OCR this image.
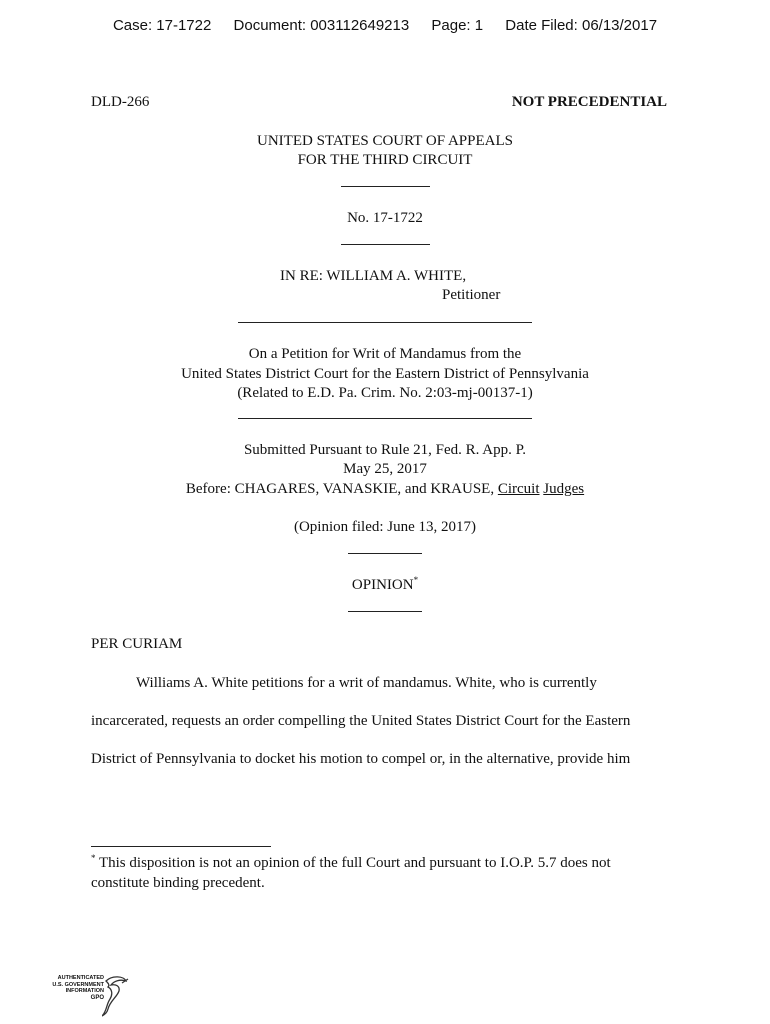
Case: 17-1722 Document: 003112649213 Page: 1 Date Filed: 06/13/2017
DLD-266	NOT PRECEDENTIAL
UNITED STATES COURT OF APPEALS
FOR THE THIRD CIRCUIT
No. 17-1722
IN RE: WILLIAM A. WHITE,
Petitioner
On a Petition for Writ of Mandamus from the
United States District Court for the Eastern District of Pennsylvania
(Related to E.D. Pa. Crim. No. 2:03-mj-00137-1)
Submitted Pursuant to Rule 21, Fed. R. App. P.
May 25, 2017
Before: CHAGARES, VANASKIE, and KRAUSE, Circuit Judges
(Opinion filed: June 13, 2017)
OPINION*
PER CURIAM
Williams A. White petitions for a writ of mandamus. White, who is currently
incarcerated, requests an order compelling the United States District Court for the Eastern
District of Pennsylvania to docket his motion to compel or, in the alternative, provide him
* This disposition is not an opinion of the full Court and pursuant to I.O.P. 5.7 does not
constitute binding precedent.
AUTHENTICATED
U.S. GOVERNMENT
INFORMATION
GPO
